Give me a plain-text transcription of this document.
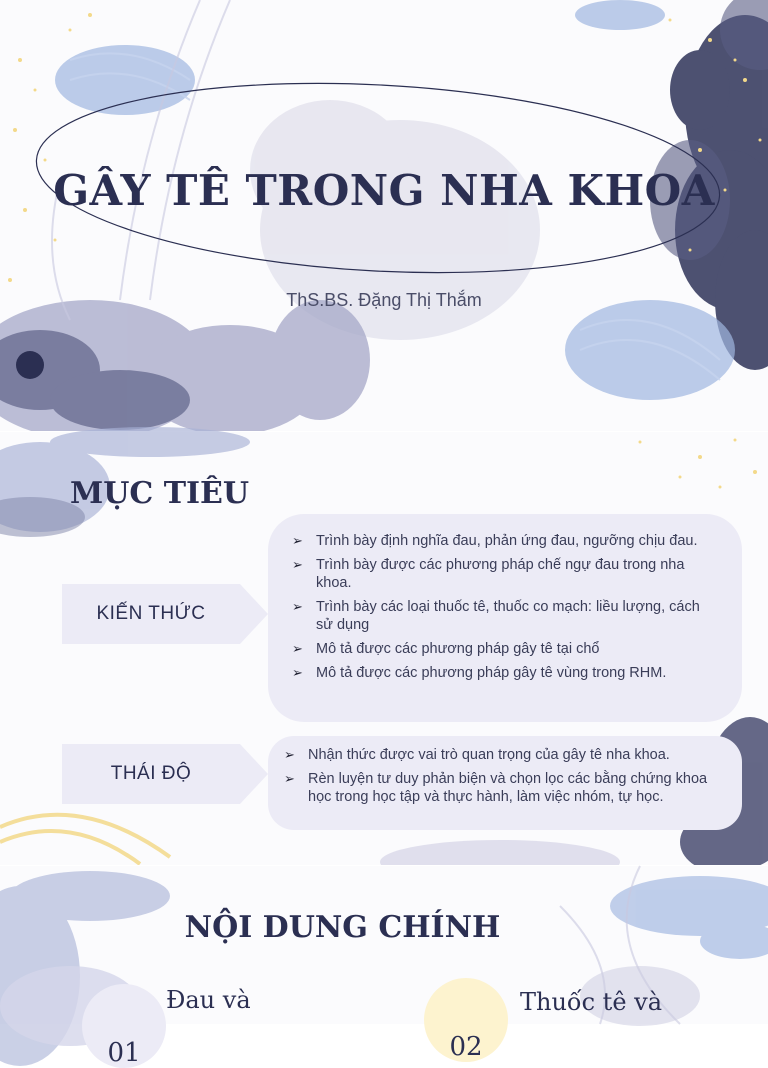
GÂY TÊ TRONG NHA KHOA
ThS.BS. Đặng Thị Thắm
MỤC TIÊU
KIẾN THỨC
➢ Trình bày định nghĩa đau, phản ứng đau, ngưỡng chịu đau.
➢ Trình bày được các phương pháp chế ngự đau trong nha khoa.
➢ Trình bày các loại thuốc tê, thuốc co mạch: liều lượng, cách sử dụng
➢ Mô tả được các phương pháp gây tê tại chổ
➢ Mô tả được các phương pháp gây tê vùng trong RHM.
THÁI ĐỘ
➢ Nhận thức được vai trò quan trọng của gây tê nha khoa.
➢ Rèn luyện tư duy phản biện và chọn lọc các bằng chứng khoa học trong học tập và thực hành, làm việc nhóm, tự học.
NỘI DUNG CHÍNH
01
Đau và
02
Thuốc tê và
